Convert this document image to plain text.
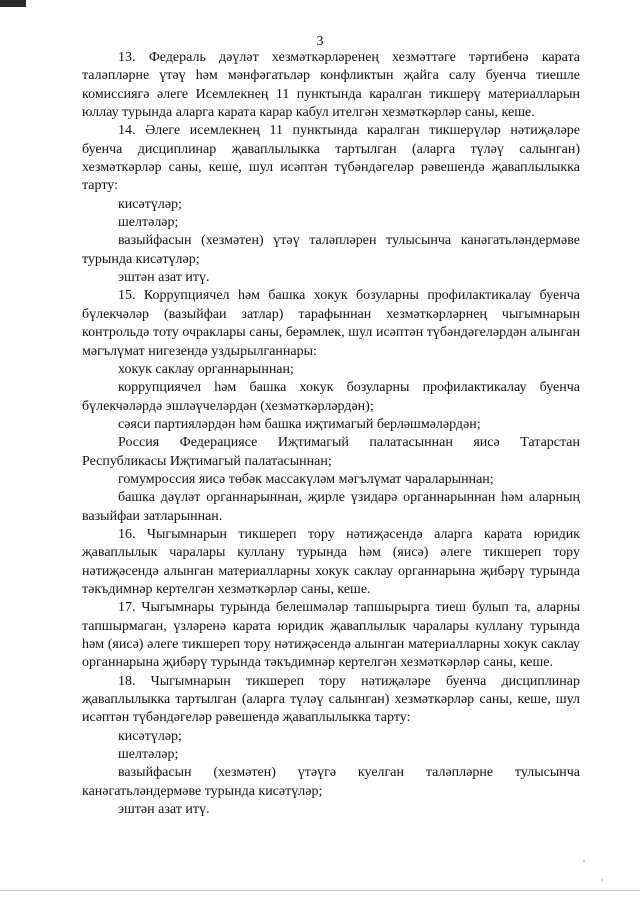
3

13. Федераль дәүләт хезмәткәрләренең хезмәттәге тәртибенә карата таләпләрне үтәү һәм мәнфәгатьләр конфликтын җайга салу буенча тиешле комиссиягә әлеге Исемлекнең 11 пунктында каралган тикшерү материалларын юллау турында аларга карата карар кабул ителгән хезмәткәрләр саны, кеше.

14. Әлеге исемлекнең 11 пунктында каралган тикшерүләр нәтиҗәләре буенча дисциплинар җаваплылыкка тартылган (аларга түләү салынган) хезмәткәрләр саны, кеше, шул исәптән түбәндәгеләр рәвешендә җаваплылыкка тарту:

кисәтүләр;

шелтәләр;

вазыйфасын (хезмәтен) үтәү таләпләрен тулысынча канәгатьләндермәве турында кисәтүләр;

эштән азат итү.

15. Коррупциячел һәм башка хокук бозуларны профилактикалау буенча бүлекчәләр (вазыйфаи затлар) тарафыннан хезмәткәрләрнең чыгымнарын контрольдә тоту очраклары саны, берәмлек, шул исәптән түбәндәгеләрдән алынган мәгълүмат нигезендә уздырылганнары:

хокук саклау органнарыннан;

коррупциячел һәм башка хокук бозуларны профилактикалау буенча бүлекчәләрдә эшләүчеләрдән (хезмәткәрләрдән);

сәяси партияләрдән һәм башка иҗтимагый берләшмәләрдән;

Россия Федерациясе Иҗтимагый палатасыннан яисә Татарстан Республикасы Иҗтимагый палатасыннан;

гомумроссия яисә төбәк массакүләм мәгълүмат чараларыннан;

башка дәүләт органнарыннан, җирле үзидарә органнарыннан һәм аларның вазыйфаи затларыннан.

16. Чыгымнарын тикшереп тору нәтиҗәсендә аларга карата юридик җаваплылык чаралары куллану турында һәм (яисә) әлеге тикшереп тору нәтиҗәсендә алынган материалларны хокук саклау органнарына җибәрү турында тәкъдимнәр кертелгән хезмәткәрләр саны, кеше.

17. Чыгымнары турында белешмәләр тапшырырга тиеш булып та, аларны тапшырмаган, үзләренә карата юридик җаваплылык чаралары куллану турында һәм (яисә) әлеге тикшереп тору нәтиҗәсендә алынган материалларны хокук саклау органнарына җибәрү турында тәкъдимнәр кертелгән хезмәткәрләр саны, кеше.

18. Чыгымнарын тикшереп тору нәтиҗәләре буенча дисциплинар җаваплылыкка тартылган (аларга түләү салынган) хезмәткәрләр саны, кеше, шул исәптән түбәндәгеләр рәвешендә җаваплылыкка тарту:

кисәтүләр;

шелтәләр;

вазыйфасын (хезмәтен) үтәүгә куелган таләпләрне тулысынча канәгатьләндермәве турында кисәтүләр;

эштән азат итү.
